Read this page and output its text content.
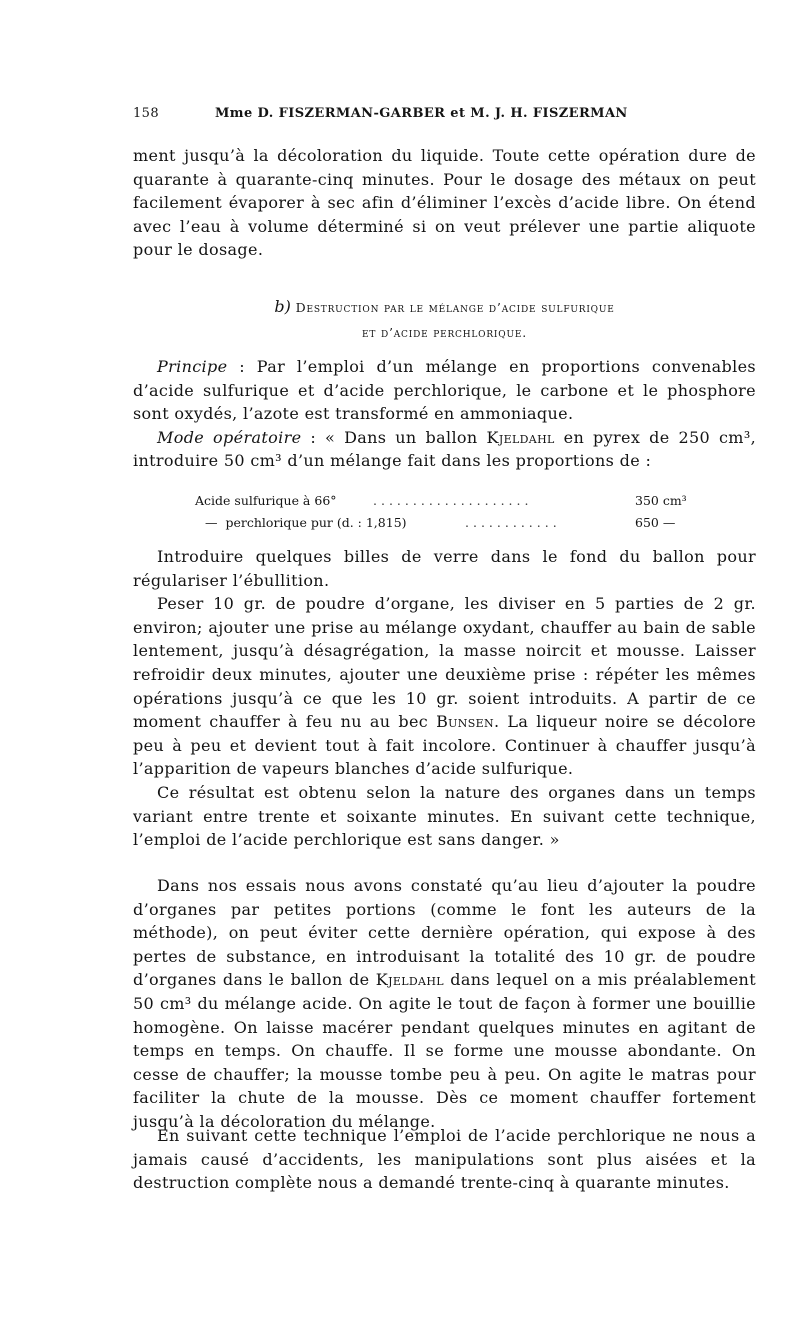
158	Mme D. FISZERMAN-GARBER et M. J. H. FISZERMAN

ment jusqu’à la décoloration du liquide. Toute cette opération dure de quarante à quarante-cinq minutes. Pour le dosage des métaux on peut facilement évaporer à sec afin d’éliminer l’excès d’acide libre. On étend avec l’eau à volume déterminé si on veut prélever une partie aliquote pour le dosage.

b) Destruction par le mélange d’acide sulfurique
et d’acide perchlorique.

Principe : Par l’emploi d’un mélange en proportions convenables d’acide sulfurique et d’acide perchlorique, le carbone et le phosphore sont oxydés, l’azote est transformé en ammoniaque.

Mode opératoire : « Dans un ballon Kjeldahl en pyrex de 250 cm³, introduire 50 cm³ d’un mélange fait dans les proportions de :

Acide sulfurique à 66°	....................	350 cm³
— perchlorique pur (d. : 1,815)	............	650 —

Introduire quelques billes de verre dans le fond du ballon pour régulariser l’ébullition.

Peser 10 gr. de poudre d’organe, les diviser en 5 parties de 2 gr. environ; ajouter une prise au mélange oxydant, chauffer au bain de sable lentement, jusqu’à désagrégation, la masse noircit et mousse. Laisser refroidir deux minutes, ajouter une deuxième prise : répéter les mêmes opérations jusqu’à ce que les 10 gr. soient introduits. A partir de ce moment chauffer à feu nu au bec Bunsen. La liqueur noire se décolore peu à peu et devient tout à fait incolore. Continuer à chauffer jusqu’à l’apparition de vapeurs blanches d’acide sulfurique.

Ce résultat est obtenu selon la nature des organes dans un temps variant entre trente et soixante minutes. En suivant cette technique, l’emploi de l’acide perchlorique est sans danger. »

Dans nos essais nous avons constaté qu’au lieu d’ajouter la poudre d’organes par petites portions (comme le font les auteurs de la méthode), on peut éviter cette dernière opération, qui expose à des pertes de substance, en introduisant la totalité des 10 gr. de poudre d’organes dans le ballon de Kjeldahl dans lequel on a mis préalablement 50 cm³ du mélange acide. On agite le tout de façon à former une bouillie homogène. On laisse macérer pendant quelques minutes en agitant de temps en temps. On chauffe. Il se forme une mousse abondante. On cesse de chauffer; la mousse tombe peu à peu. On agite le matras pour faciliter la chute de la mousse. Dès ce moment chauffer fortement jusqu’à la décoloration du mélange.

En suivant cette technique l’emploi de l’acide perchlorique ne nous a jamais causé d’accidents, les manipulations sont plus aisées et la destruction complète nous a demandé trente-cinq à quarante minutes.
